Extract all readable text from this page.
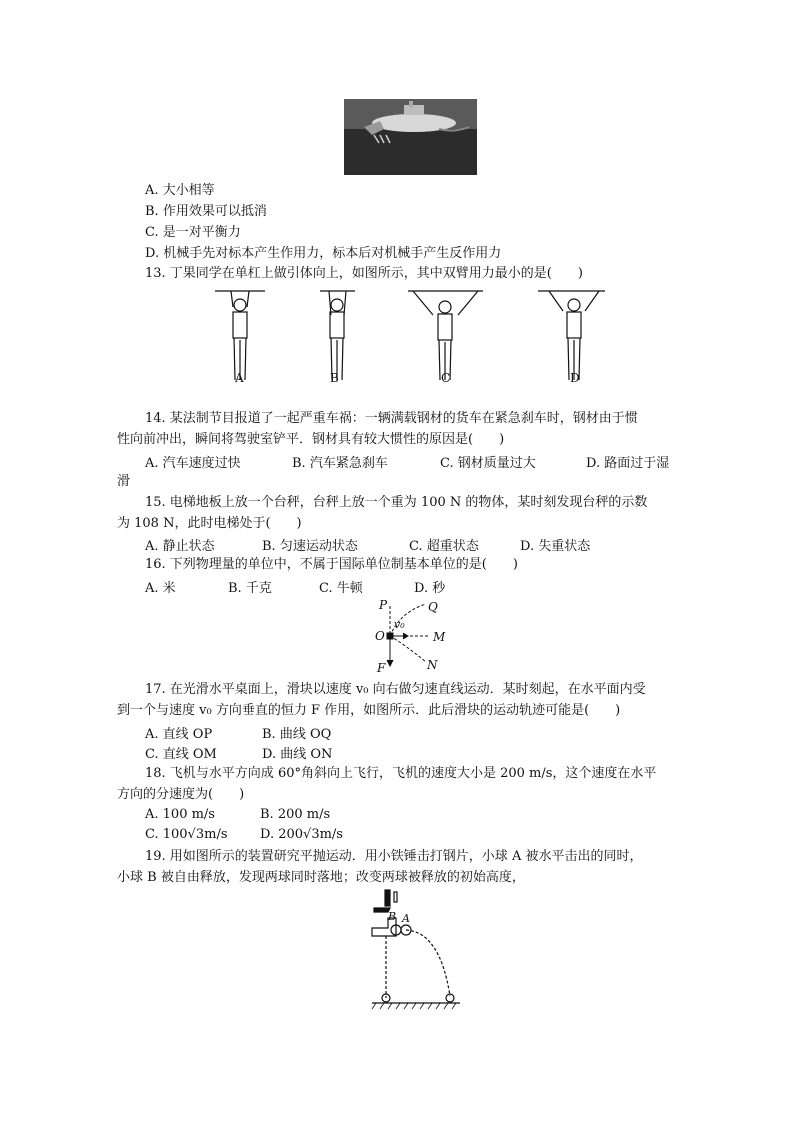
A. 大小相等
B. 作用效果可以抵消
C. 是一对平衡力
D. 机械手先对标本产生作用力，标本后对机械手产生反作用力
13. 丁果同学在单杠上做引体向上，如图所示，其中双臂用力最小的是(　　)
A	B	C	D
14. 某法制节目报道了一起严重车祸：一辆满载钢材的货车在紧急刹车时，钢材由于惯
性向前冲出，瞬间将驾驶室铲平．钢材具有较大惯性的原因是(　　)
A. 汽车速度过快	B. 汽车紧急刹车	C. 钢材质量过大	D. 路面过于湿
滑
15. 电梯地板上放一个台秤，台秤上放一个重为 100 N 的物体，某时刻发现台秤的示数
为 108 N，此时电梯处于(　　)
A. 静止状态	B. 匀速运动状态	C. 超重状态	D. 失重状态
16. 下列物理量的单位中，不属于国际单位制基本单位的是(　　)
A. 米	B. 千克	C. 牛顿	D. 秒
P	Q
v₀
O	M
F	N
17. 在光滑水平桌面上，滑块以速度 v₀ 向右做匀速直线运动．某时刻起，在水平面内受
到一个与速度 v₀ 方向垂直的恒力 F 作用，如图所示．此后滑块的运动轨迹可能是(　　)
A. 直线 OP	B. 曲线 OQ
C. 直线 OM	D. 曲线 ON
18. 飞机与水平方向成 60°角斜向上飞行，飞机的速度大小是 200 m/s，这个速度在水平
方向的分速度为(　　)
A. 100 m/s	B. 200 m/s
C. 100√3m/s	D. 200√3m/s
19. 用如图所示的装置研究平抛运动．用小铁锤击打钢片，小球 A 被水平击出的同时，
小球 B 被自由释放，发现两球同时落地；改变两球被释放的初始高度，
B A
